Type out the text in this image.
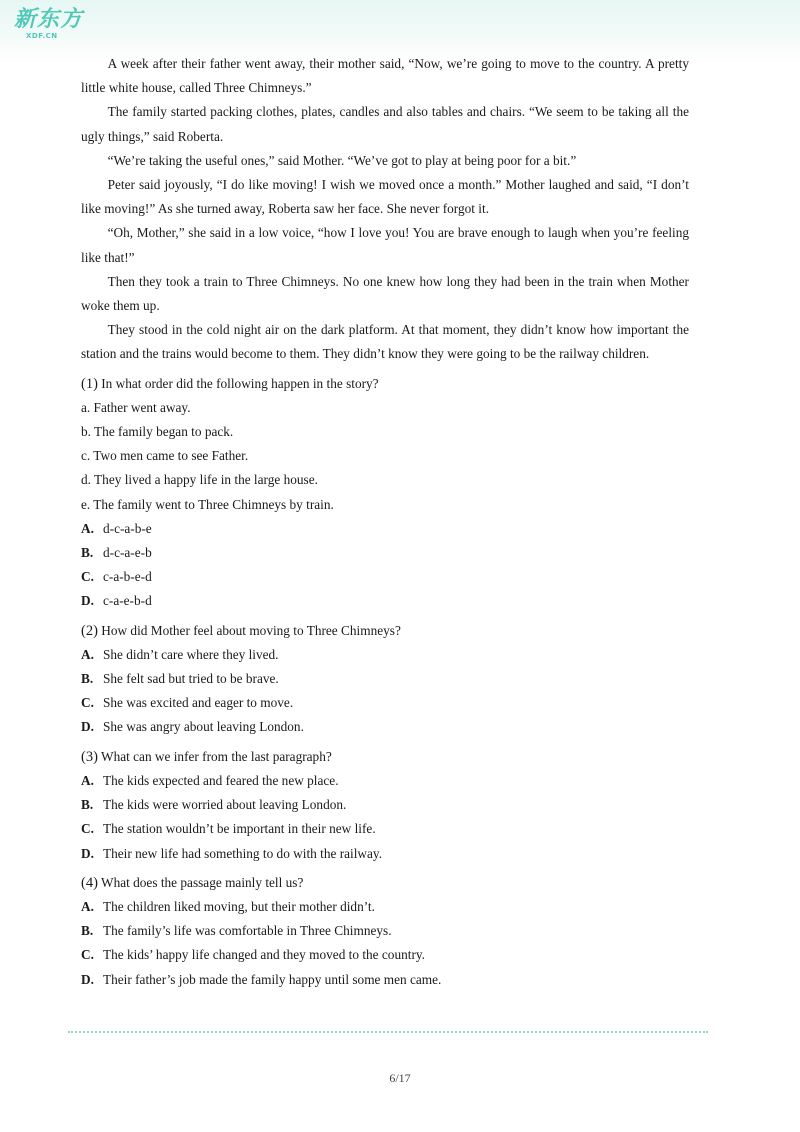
新东方
XDF.CN

A week after their father went away, their mother said, “Now, we’re going to move to the country. A pretty little white house, called Three Chimneys.”

The family started packing clothes, plates, candles and also tables and chairs. “We seem to be taking all the ugly things,” said Roberta.

“We’re taking the useful ones,” said Mother. “We’ve got to play at being poor for a bit.”

Peter said joyously, “I do like moving! I wish we moved once a month.” Mother laughed and said, “I don’t like moving!” As she turned away, Roberta saw her face. She never forgot it.

“Oh, Mother,” she said in a low voice, “how I love you! You are brave enough to laugh when you’re feeling like that!”

Then they took a train to Three Chimneys. No one knew how long they had been in the train when Mother woke them up.

They stood in the cold night air on the dark platform. At that moment, they didn’t know how important the station and the trains would become to them. They didn’t know they were going to be the railway children.

(1) In what order did the following happen in the story?
a. Father went away.
b. The family began to pack.
c. Two men came to see Father.
d. They lived a happy life in the large house.
e. The family went to Three Chimneys by train.
A. d-c-a-b-e
B. d-c-a-e-b
C. c-a-b-e-d
D. c-a-e-b-d
(2) How did Mother feel about moving to Three Chimneys?
A. She didn’t care where they lived.
B. She felt sad but tried to be brave.
C. She was excited and eager to move.
D. She was angry about leaving London.
(3) What can we infer from the last paragraph?
A. The kids expected and feared the new place.
B. The kids were worried about leaving London.
C. The station wouldn’t be important in their new life.
D. Their new life had something to do with the railway.
(4) What does the passage mainly tell us?
A. The children liked moving, but their mother didn’t.
B. The family’s life was comfortable in Three Chimneys.
C. The kids’ happy life changed and they moved to the country.
D. Their father’s job made the family happy until some men came.
6/17
